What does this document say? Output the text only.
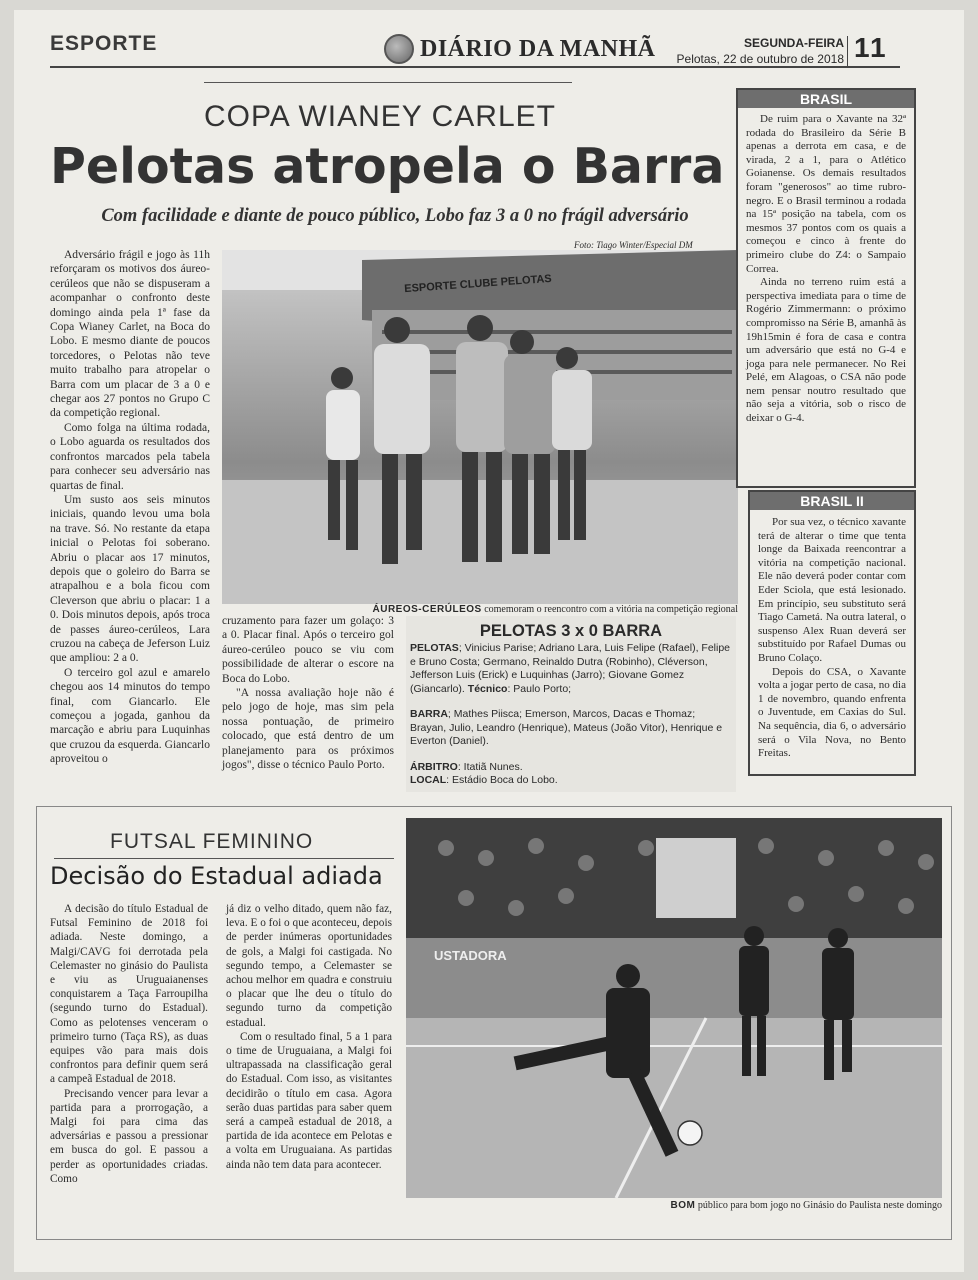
ESPORTE	DIÁRIO DA MANHÃ	SEGUNDA-FEIRA
Pelotas, 22 de outubro de 2018 11
COPA WIANEY CARLET
Pelotas atropela o Barra
Com facilidade e diante de pouco público, Lobo faz 3 a 0 no frágil adversário
Foto: Tiago Winter/Especial DM

Adversário frágil e jogo às 11h reforçaram os motivos dos áureo-cerúleos que não se dispuseram a acompanhar o confronto deste domingo ainda pela 1ª fase da Copa Wianey Carlet, na Boca do Lobo. E mesmo diante de poucos torcedores, o Pelotas não teve muito trabalho para atropelar o Barra com um placar de 3 a 0 e chegar aos 27 pontos no Grupo C da competição regional.

Como folga na última rodada, o Lobo aguarda os resultados dos confrontos marcados pela tabela para conhecer seu adversário nas quartas de final.

Um susto aos seis minutos iniciais, quando levou uma bola na trave. Só. No restante da etapa inicial o Pelotas foi soberano. Abriu o placar aos 17 minutos, depois que o goleiro do Barra se atrapalhou e a bola ficou com Cleverson que abriu o placar: 1 a 0. Dois minutos depois, após troca de passes áureo-cerúleos, Lara cruzou na cabeça de Jeferson Luiz que ampliou: 2 a 0.

O terceiro gol azul e amarelo chegou aos 14 minutos do tempo final, com Giancarlo. Ele começou a jogada, ganhou da marcação e abriu para Luquinhas que cruzou da esquerda. Giancarlo aproveitou o

ESPORTE CLUBE PELOTAS
ÁUREOS-CERÚLEOS comemoram o reencontro com a vitória na competição regional

cruzamento para fazer um golaço: 3 a 0. Placar final. Após o terceiro gol áureo-cerúleo pouco se viu com possibilidade de alterar o escore na Boca do Lobo.

"A nossa avaliação hoje não é pelo jogo de hoje, mas sim pela nossa pontuação, de primeiro colocado, que está dentro de um planejamento para os próximos jogos", disse o técnico Paulo Porto.

PELOTAS 3 x 0 BARRA
PELOTAS; Vinicius Parise; Adriano Lara, Luis Felipe (Rafael), Felipe e Bruno Costa; Germano, Reinaldo Dutra (Robinho), Cléverson, Jefferson Luis (Erick) e Luquinhas (Jarro); Giovane Gomez (Giancarlo). Técnico: Paulo Porto;
BARRA; Mathes Piisca; Emerson, Marcos, Dacas e Thomaz; Brayan, Julio, Leandro (Henrique), Mateus (João Vitor), Henrique e Everton (Daniel).
ÁRBITRO: Itatiã Nunes.
LOCAL: Estádio Boca do Lobo.
BRASIL

De ruim para o Xavante na 32ª rodada do Brasileiro da Série B apenas a derrota em casa, e de virada, 2 a 1, para o Atlético Goianense. Os demais resultados foram "generosos" ao time rubro-negro. E o Brasil terminou a rodada na 15ª posição na tabela, com os mesmos 37 pontos com os quais a começou e cinco à frente do primeiro clube do Z4: o Sampaio Correa.

Ainda no terreno ruim está a perspectiva imediata para o time de Rogério Zimmermann: o próximo compromisso na Série B, amanhã às 19h15min é fora de casa e contra um adversário que está no G-4 e joga para nele permanecer. No Rei Pelé, em Alagoas, o CSA não pode nem pensar noutro resultado que não seja a vitória, sob o risco de deixar o G-4.

BRASIL II

Por sua vez, o técnico xavante terá de alterar o time que tenta longe da Baixada reencontrar a vitória na competição nacional. Ele não deverá poder contar com Eder Sciola, que está lesionado. Em princípio, seu substituto será Tiago Cametá. Na outra lateral, o suspenso Alex Ruan deverá ser substituído por Rafael Dumas ou Bruno Colaço.

Depois do CSA, o Xavante volta a jogar perto de casa, no dia 1 de novembro, quando enfrenta o Juventude, em Caxias do Sul. Na sequência, dia 6, o adversário será o Vila Nova, no Bento Freitas.

FUTSAL FEMININO
Decisão do Estadual adiada

A decisão do título Estadual de Futsal Feminino de 2018 foi adiada. Neste domingo, a Malgi/CAVG foi derrotada pela Celemaster no ginásio do Paulista e viu as Uruguaianenses conquistarem a Taça Farroupilha (segundo turno do Estadual). Como as pelotenses venceram o primeiro turno (Taça RS), as duas equipes vão para mais dois confrontos para definir quem será a campeã Estadual de 2018.

Precisando vencer para levar a partida para a prorrogação, a Malgi foi para cima das adversárias e passou a pressionar em busca do gol. E passou a perder as oportunidades criadas. Como

já diz o velho ditado, quem não faz, leva. E o foi o que aconteceu, depois de perder inúmeras oportunidades de gols, a Malgi foi castigada. No segundo tempo, a Celemaster se achou melhor em quadra e construiu o placar que lhe deu o título do segundo turno da competição estadual.

Com o resultado final, 5 a 1 para o time de Uruguaiana, a Malgi foi ultrapassada na classificação geral do Estadual. Com isso, as visitantes decidirão o título em casa. Agora serão duas partidas para saber quem será a campeã estadual de 2018, a partida de ida acontece em Pelotas e a volta em Uruguaiana. As partidas ainda não tem data para acontecer.

USTADORA
BOM público para bom jogo no Ginásio do Paulista neste domingo
